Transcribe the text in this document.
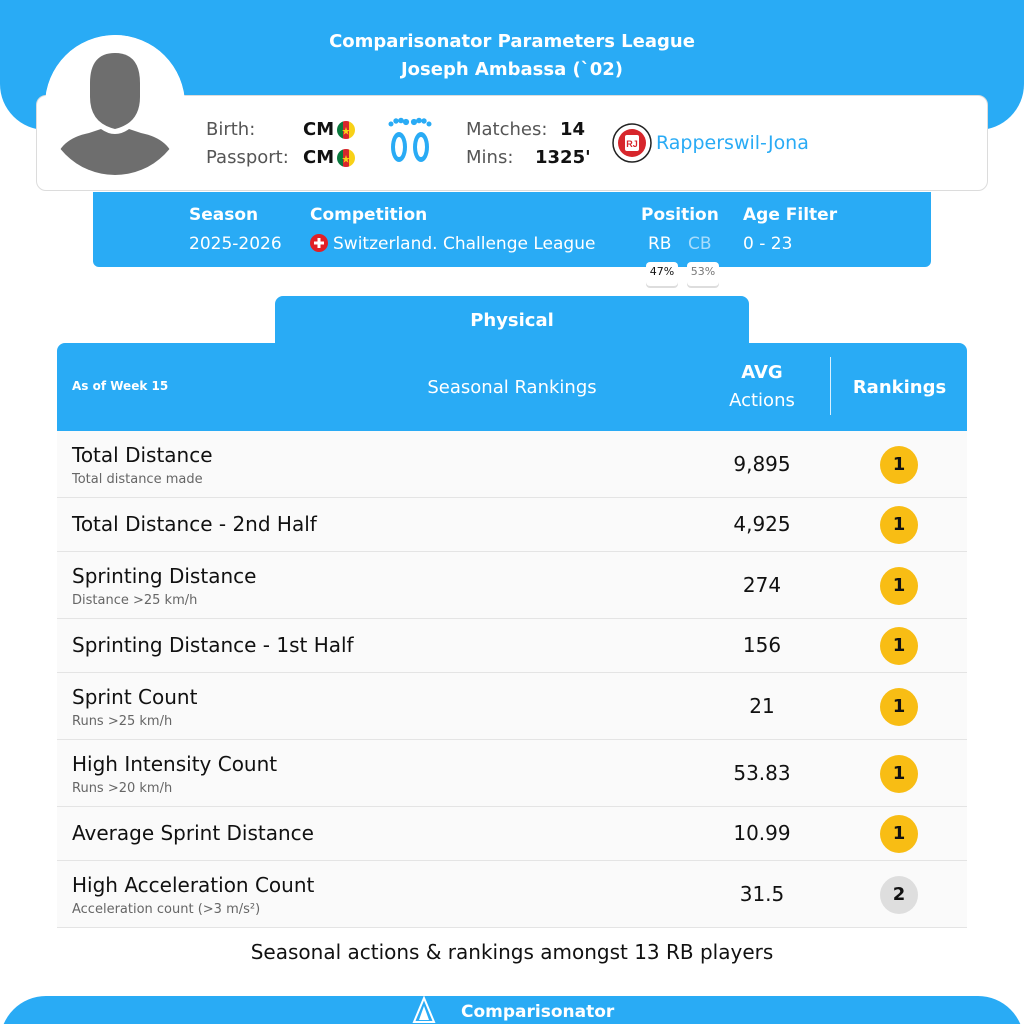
Comparisonator Parameters League
Joseph Ambassa (`02)
Birth:	CM
Passport: CM
Matches: 14
Mins: 1325'
RJ Rapperswil-Jona
Season
2025-2026
Competition
Switzerland. Challenge League
Position
RB CB
Age Filter
0 - 23
47%	53%
Physical
As of Week 15	Seasonal Rankings
AVG
Actions
Rankings
Total Distance
Total distance made
9,895	1
Total Distance - 2nd Half	4,925	1
Sprinting Distance
Distance >25 km/h
274	1
Sprinting Distance - 1st Half	156	1
Sprint Count
Runs >25 km/h
21	1
High Intensity Count
Runs >20 km/h
53.83	1
Average Sprint Distance	10.99	1
High Acceleration Count
Acceleration count (>3 m/s²)
31.5	2
Seasonal actions & rankings amongst 13 RB players
Comparisonator
